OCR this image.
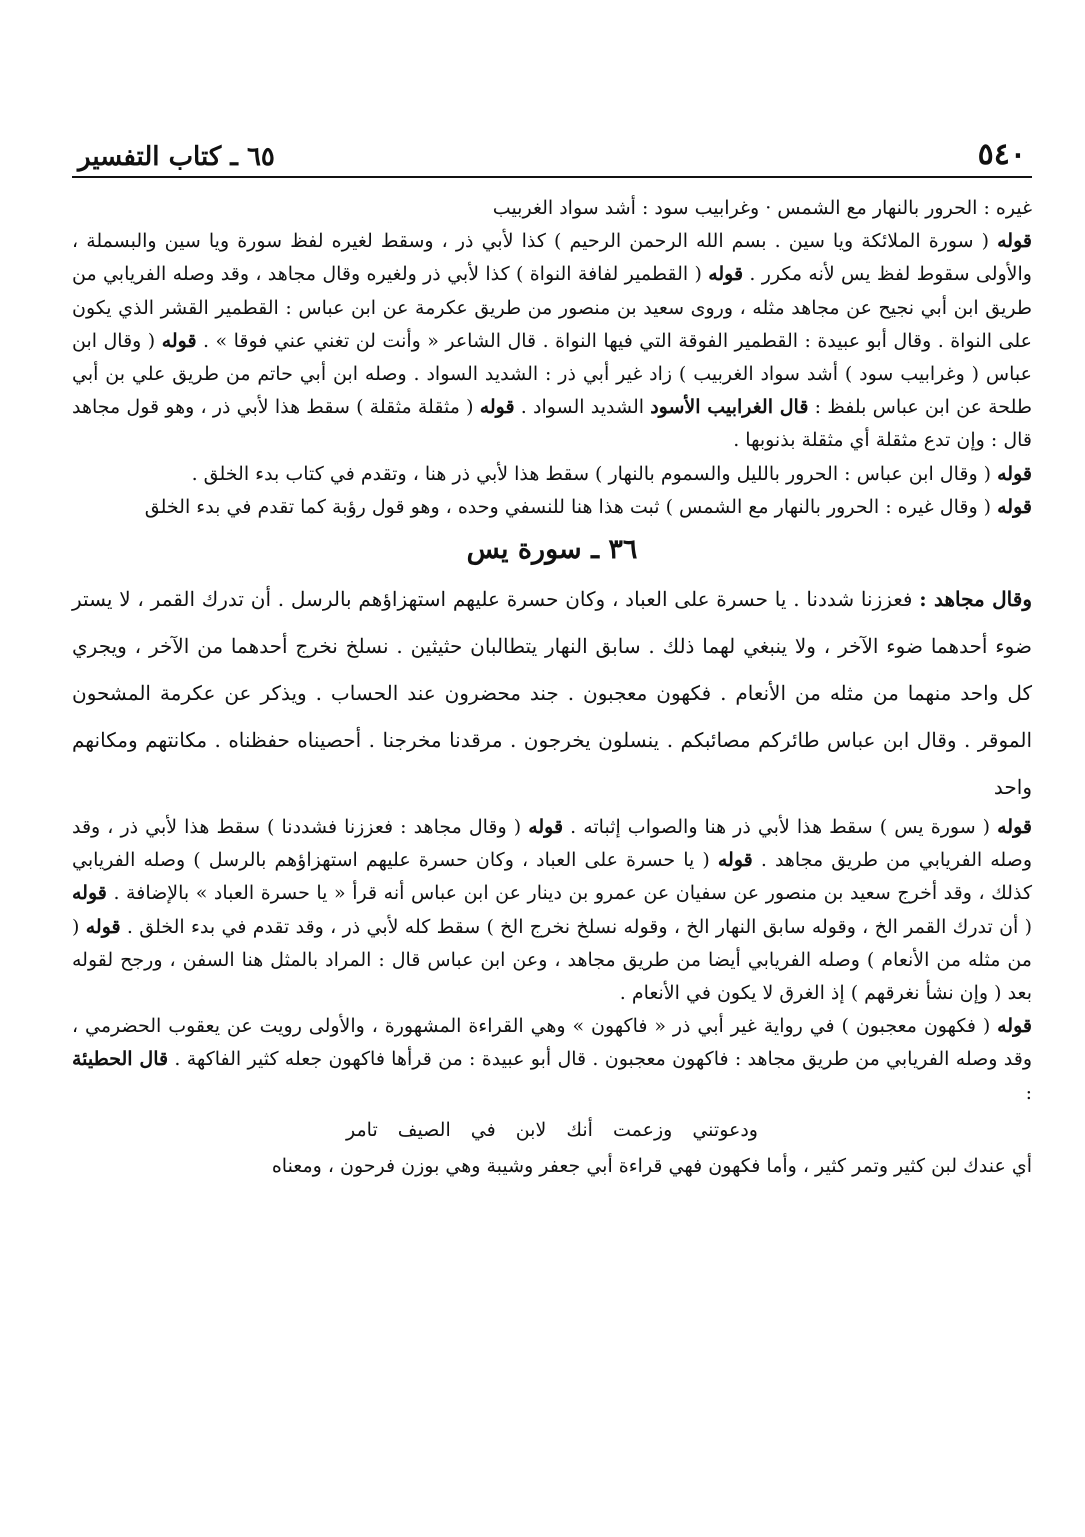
٥٤٠
٦٥ ـ كتاب التفسير

غيره : الحرور بالنهار مع الشمس · وغرابيب سود : أشد سواد الغربيب

قوله ( سورة الملائكة ويا سين . بسم الله الرحمن الرحيم ) كذا لأبي ذر ، وسقط لغيره لفظ سورة ويا سين والبسملة ، والأولى سقوط لفظ يس لأنه مكرر . قوله ( القطمير لفافة النواة ) كذا لأبي ذر ولغيره وقال مجاهد ، وقد وصله الفريابي من طريق ابن أبي نجيح عن مجاهد مثله ، وروى سعيد بن منصور من طريق عكرمة عن ابن عباس : القطمير القشر الذي يكون على النواة . وقال أبو عبيدة : القطمير الفوقة التي فيها النواة . قال الشاعر « وأنت لن تغني عني فوقا » . قوله ( وقال ابن عباس ( وغرابيب سود ) أشد سواد الغربيب ) زاد غير أبي ذر : الشديد السواد . وصله ابن أبي حاتم من طريق علي بن أبي طلحة عن ابن عباس بلفظ : قال الغرابيب الأسود الشديد السواد . قوله ( مثقلة مثقلة ) سقط هذا لأبي ذر ، وهو قول مجاهد قال : وإن تدع مثقلة أي مثقلة بذنوبها .

قوله ( وقال ابن عباس : الحرور بالليل والسموم بالنهار ) سقط هذا لأبي ذر هنا ، وتقدم في كتاب بدء الخلق .

قوله ( وقال غيره : الحرور بالنهار مع الشمس ) ثبت هذا هنا للنسفي وحده ، وهو قول رؤبة كما تقدم في بدء الخلق

٣٦ ـ سورة يس

وقال مجاهد : فعززنا شددنا . يا حسرة على العباد ، وكان حسرة عليهم استهزاؤهم بالرسل . أن تدرك القمر ، لا يستر ضوء أحدهما ضوء الآخر ، ولا ينبغي لهما ذلك . سابق النهار يتطالبان حثيثين . نسلخ نخرج أحدهما من الآخر ، ويجري كل واحد منهما من مثله من الأنعام . فكهون معجبون . جند محضرون عند الحساب . ويذكر عن عكرمة المشحون الموقر . وقال ابن عباس طائركم مصائبكم . ينسلون يخرجون . مرقدنا مخرجنا . أحصيناه حفظناه . مكانتهم ومكانهم واحد

قوله ( سورة يس ) سقط هذا لأبي ذر هنا والصواب إثباته . قوله ( وقال مجاهد : فعززنا فشددنا ) سقط هذا لأبي ذر ، وقد وصله الفريابي من طريق مجاهد . قوله ( يا حسرة على العباد ، وكان حسرة عليهم استهزاؤهم بالرسل ) وصله الفريابي كذلك ، وقد أخرج سعيد بن منصور عن سفيان عن عمرو بن دينار عن ابن عباس أنه قرأ « يا حسرة العباد » بالإضافة . قوله ( أن تدرك القمر الخ ، وقوله سابق النهار الخ ، وقوله نسلخ نخرج الخ ) سقط كله لأبي ذر ، وقد تقدم في بدء الخلق . قوله ( من مثله من الأنعام ) وصله الفريابي أيضا من طريق مجاهد ، وعن ابن عباس قال : المراد بالمثل هنا السفن ، ورجح لقوله بعد ( وإن نشأ نغرقهم ) إذ الغرق لا يكون في الأنعام .

قوله ( فكهون معجبون ) في رواية غير أبي ذر « فاكهون » وهي القراءة المشهورة ، والأولى رويت عن يعقوب الحضرمي ، وقد وصله الفريابي من طريق مجاهد : فاكهون معجبون . قال أبو عبيدة : من قرأها فاكهون جعله كثير الفاكهة . قال الحطيئة :

ودعوتني وزعمت أنك لابن في الصيف تامر

أي عندك لبن كثير وتمر كثير ، وأما فكهون فهي قراءة أبي جعفر وشيبة وهي بوزن فرحون ، ومعناه
